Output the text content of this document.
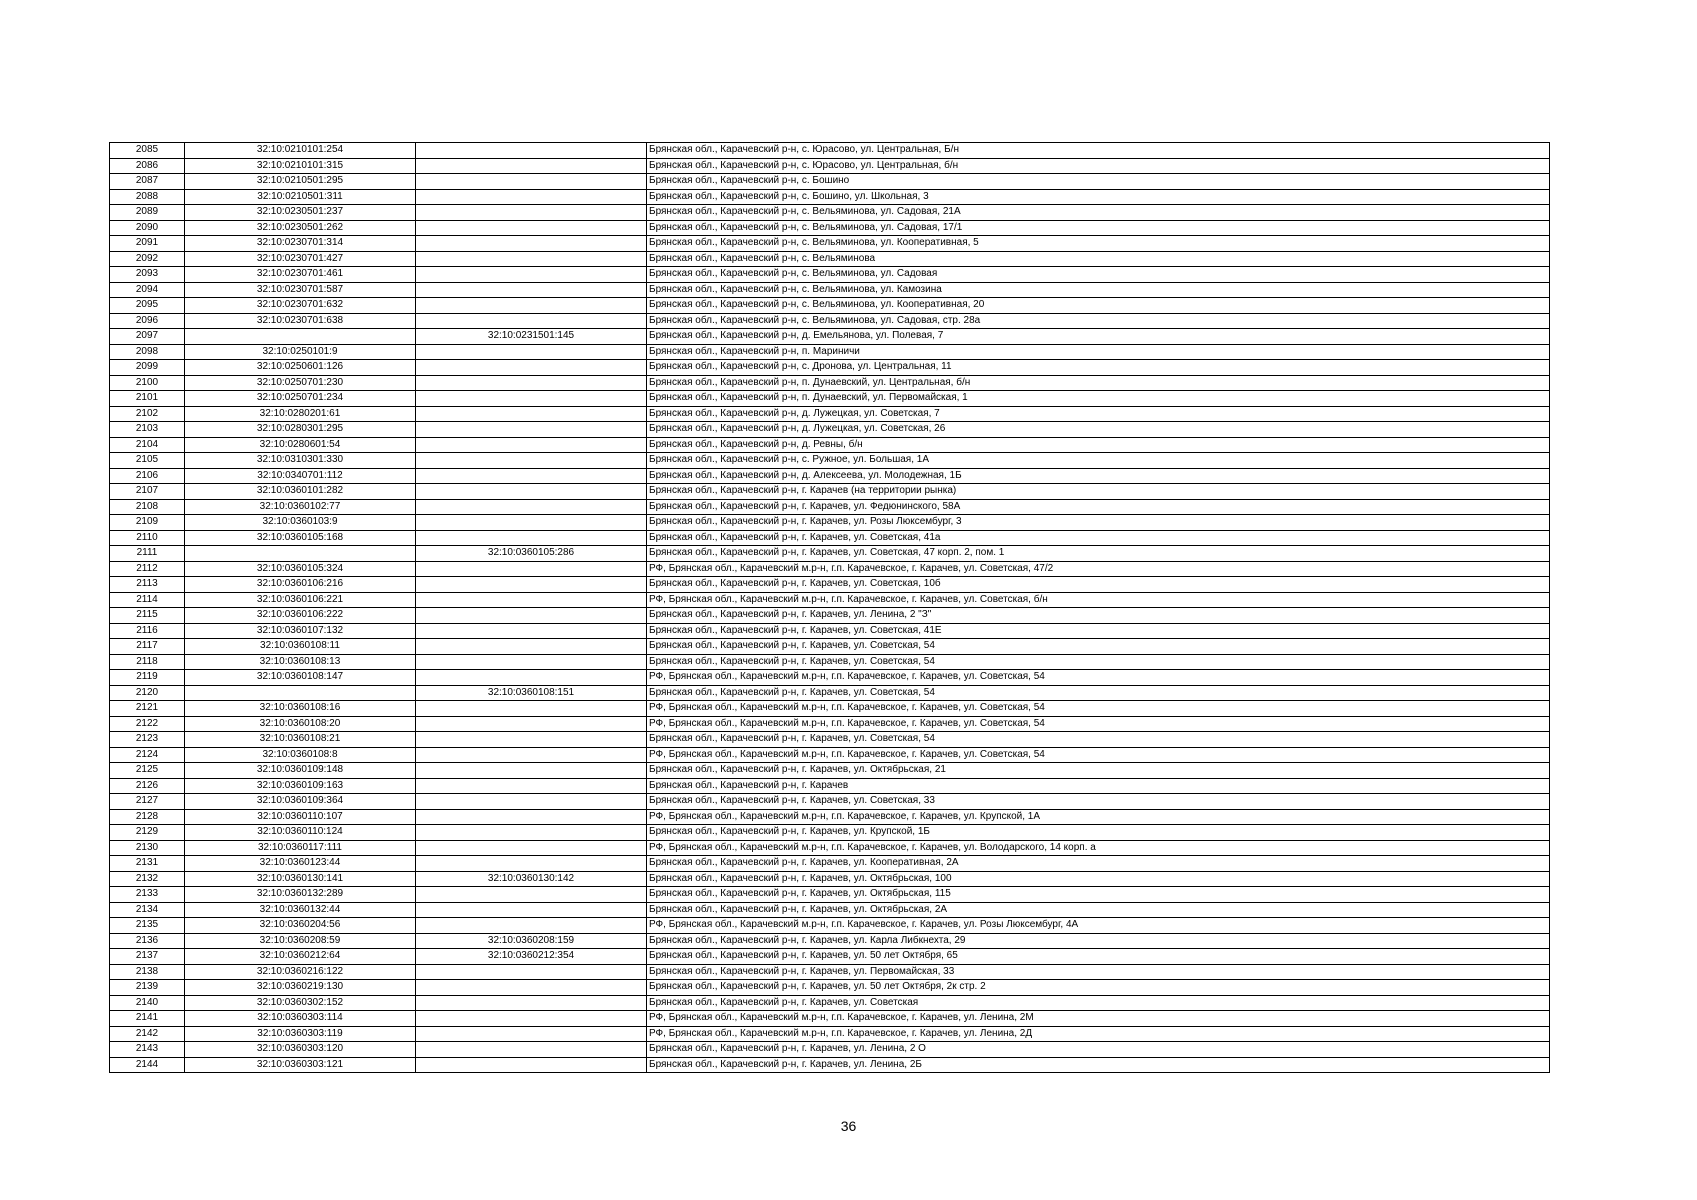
2085	32:10:0210101:254		Брянская обл., Карачевский р-н, с. Юрасово, ул. Центральная, Б/н
2086	32:10:0210101:315		Брянская обл., Карачевский р-н, с. Юрасово, ул. Центральная, б/н
2087	32:10:0210501:295		Брянская обл., Карачевский р-н, с. Бошино
2088	32:10:0210501:311		Брянская обл., Карачевский р-н, с. Бошино, ул. Школьная, 3
2089	32:10:0230501:237		Брянская обл., Карачевский р-н, с. Вельяминова, ул. Садовая, 21А
2090	32:10:0230501:262		Брянская обл., Карачевский р-н, с. Вельяминова, ул. Садовая, 17/1
2091	32:10:0230701:314		Брянская обл., Карачевский р-н, с. Вельяминова, ул. Кооперативная, 5
2092	32:10:0230701:427		Брянская обл., Карачевский р-н, с. Вельяминова
2093	32:10:0230701:461		Брянская обл., Карачевский р-н, с. Вельяминова, ул. Садовая
2094	32:10:0230701:587		Брянская обл., Карачевский р-н, с. Вельяминова, ул. Камозина
2095	32:10:0230701:632		Брянская обл., Карачевский р-н, с. Вельяминова, ул. Кооперативная, 20
2096	32:10:0230701:638		Брянская обл., Карачевский р-н, с. Вельяминова, ул. Садовая, стр. 28а
2097		32:10:0231501:145	Брянская обл., Карачевский р-н, д. Емельянова, ул. Полевая, 7
2098	32:10:0250101:9		Брянская обл., Карачевский р-н, п. Мариничи
2099	32:10:0250601:126		Брянская обл., Карачевский р-н, с. Дронова, ул. Центральная, 11
2100	32:10:0250701:230		Брянская обл., Карачевский р-н, п. Дунаевский, ул. Центральная, б/н
2101	32:10:0250701:234		Брянская обл., Карачевский р-н, п. Дунаевский, ул. Первомайская, 1
2102	32:10:0280201:61		Брянская обл., Карачевский р-н, д. Лужецкая, ул. Советская, 7
2103	32:10:0280301:295		Брянская обл., Карачевский р-н, д. Лужецкая, ул. Советская, 26
2104	32:10:0280601:54		Брянская обл., Карачевский р-н, д. Ревны, б/н
2105	32:10:0310301:330		Брянская обл., Карачевский р-н, с. Ружное, ул. Большая, 1А
2106	32:10:0340701:112		Брянская обл., Карачевский р-н, д. Алексеева, ул. Молодежная, 1Б
2107	32:10:0360101:282		Брянская обл., Карачевский р-н, г. Карачев (на территории рынка)
2108	32:10:0360102:77		Брянская обл., Карачевский р-н, г. Карачев, ул. Федюнинского, 58А
2109	32:10:0360103:9		Брянская обл., Карачевский р-н, г. Карачев, ул. Розы Люксембург, 3
2110	32:10:0360105:168		Брянская обл., Карачевский р-н, г. Карачев, ул. Советская, 41а
2111		32:10:0360105:286	Брянская обл., Карачевский р-н, г. Карачев, ул. Советская, 47 корп. 2, пом. 1
2112	32:10:0360105:324		РФ, Брянская обл., Карачевский м.р-н, г.п. Карачевское, г. Карачев, ул. Советская, 47/2
2113	32:10:0360106:216		Брянская обл., Карачевский р-н, г. Карачев, ул. Советская, 10б
2114	32:10:0360106:221		РФ, Брянская обл., Карачевский м.р-н, г.п. Карачевское, г. Карачев, ул. Советская, б/н
2115	32:10:0360106:222		Брянская обл., Карачевский р-н, г. Карачев, ул. Ленина, 2 "З"
2116	32:10:0360107:132		Брянская обл., Карачевский р-н, г. Карачев, ул. Советская, 41Е
2117	32:10:0360108:11		Брянская обл., Карачевский р-н, г. Карачев, ул. Советская, 54
2118	32:10:0360108:13		Брянская обл., Карачевский р-н, г. Карачев, ул. Советская, 54
2119	32:10:0360108:147		РФ, Брянская обл., Карачевский м.р-н, г.п. Карачевское, г. Карачев, ул. Советская, 54
2120		32:10:0360108:151	Брянская обл., Карачевский р-н, г. Карачев, ул. Советская, 54
2121	32:10:0360108:16		РФ, Брянская обл., Карачевский м.р-н, г.п. Карачевское, г. Карачев, ул. Советская, 54
2122	32:10:0360108:20		РФ, Брянская обл., Карачевский м.р-н, г.п. Карачевское, г. Карачев, ул. Советская, 54
2123	32:10:0360108:21		Брянская обл., Карачевский р-н, г. Карачев, ул. Советская, 54
2124	32:10:0360108:8		РФ, Брянская обл., Карачевский м.р-н, г.п. Карачевское, г. Карачев, ул. Советская, 54
2125	32:10:0360109:148		Брянская обл., Карачевский р-н, г. Карачев, ул. Октябрьская, 21
2126	32:10:0360109:163		Брянская обл., Карачевский р-н, г. Карачев
2127	32:10:0360109:364		Брянская обл., Карачевский р-н, г. Карачев, ул. Советская, 33
2128	32:10:0360110:107		РФ, Брянская обл., Карачевский м.р-н, г.п. Карачевское, г. Карачев, ул. Крупской, 1А
2129	32:10:0360110:124		Брянская обл., Карачевский р-н, г. Карачев, ул. Крупской, 1Б
2130	32:10:0360117:111		РФ, Брянская обл., Карачевский м.р-н, г.п. Карачевское, г. Карачев, ул. Володарского, 14 корп. а
2131	32:10:0360123:44		Брянская обл., Карачевский р-н, г. Карачев, ул. Кооперативная, 2А
2132	32:10:0360130:141	32:10:0360130:142	Брянская обл., Карачевский р-н, г. Карачев, ул. Октябрьская, 100
2133	32:10:0360132:289		Брянская обл., Карачевский р-н, г. Карачев, ул. Октябрьская, 115
2134	32:10:0360132:44		Брянская обл., Карачевский р-н, г. Карачев, ул. Октябрьская, 2А
2135	32:10:0360204:56		РФ, Брянская обл., Карачевский м.р-н, г.п. Карачевское, г. Карачев, ул. Розы Люксембург, 4А
2136	32:10:0360208:59	32:10:0360208:159	Брянская обл., Карачевский р-н, г. Карачев, ул. Карла Либкнехта, 29
2137	32:10:0360212:64	32:10:0360212:354	Брянская обл., Карачевский р-н, г. Карачев, ул. 50 лет Октября, 65
2138	32:10:0360216:122		Брянская обл., Карачевский р-н, г. Карачев, ул. Первомайская, 33
2139	32:10:0360219:130		Брянская обл., Карачевский р-н, г. Карачев, ул. 50 лет Октября, 2к стр. 2
2140	32:10:0360302:152		Брянская обл., Карачевский р-н, г. Карачев, ул. Советская
2141	32:10:0360303:114		РФ, Брянская обл., Карачевский м.р-н, г.п. Карачевское, г. Карачев, ул. Ленина, 2М
2142	32:10:0360303:119		РФ, Брянская обл., Карачевский м.р-н, г.п. Карачевское, г. Карачев, ул. Ленина, 2Д
2143	32:10:0360303:120		Брянская обл., Карачевский р-н, г. Карачев, ул. Ленина, 2 О
2144	32:10:0360303:121		Брянская обл., Карачевский р-н, г. Карачев, ул. Ленина, 2Б
36
